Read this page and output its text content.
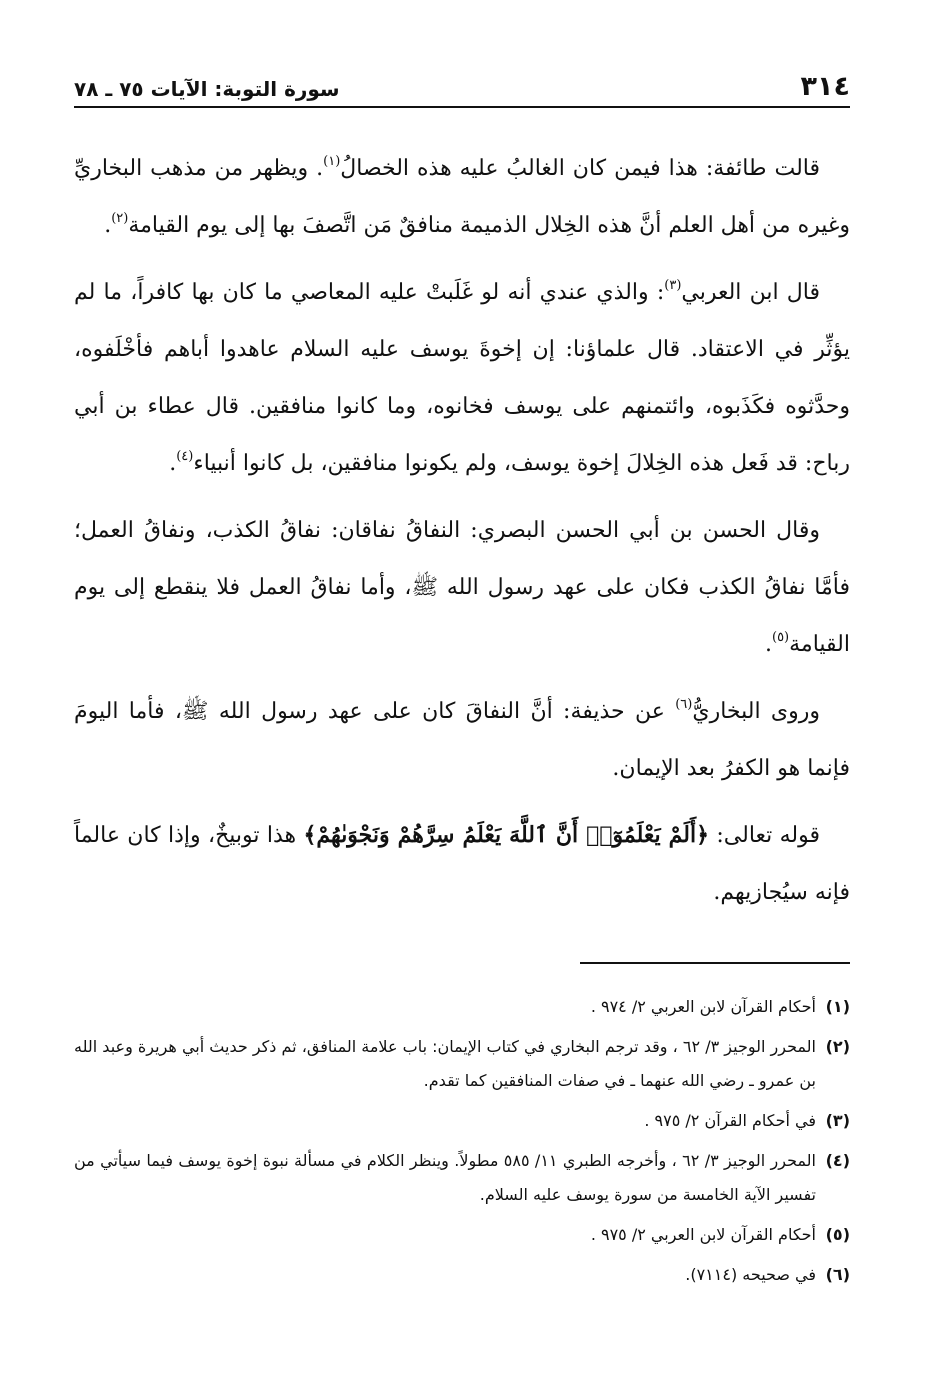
٣١٤
سورة التوبة: الآيات ٧٥ ـ ٧٨

قالت طائفة: هذا فيمن كان الغالبُ عليه هذه الخصالُ$^{(١)}$. ويظهر من مذهب البخاريِّ وغيره من أهل العلم أنَّ هذه الخِلال الذميمة منافقٌ مَن اتَّصفَ بها إلى يوم القيامة$^{(٢)}$.

قال ابن العربي$^{(٣)}$: والذي عندي أنه لو غَلَبتْ عليه المعاصي ما كان بها كافراً، ما لم يؤثِّر في الاعتقاد. قال علماؤنا: إن إخوةَ يوسف عليه السلام عاهدوا أباهم فأخْلَفوه، وحدَّثوه فكَذَبوه، وائتمنهم على يوسف فخانوه، وما كانوا منافقين. قال عطاء بن أبي رباح: قد فَعل هذه الخِلالَ إخوة يوسف، ولم يكونوا منافقين، بل كانوا أنبياء$^{(٤)}$.

وقال الحسن بن أبي الحسن البصري: النفاقُ نفاقان: نفاقُ الكذب، ونفاقُ العمل؛ فأمَّا نفاقُ الكذب فكان على عهد رسول الله ﷺ، وأما نفاقُ العمل فلا ينقطع إلى يوم القيامة$^{(٥)}$.

وروى البخاريُّ$^{(٦)}$ عن حذيفة: أنَّ النفاقَ كان على عهد رسول الله ﷺ، فأما اليومَ فإنما هو الكفرُ بعد الإيمان.

قوله تعالى: ﴿أَلَمْ يَعْلَمُوٓا۟ أَنَّ ٱللَّهَ يَعْلَمُ سِرَّهُمْ وَنَجْوَىٰهُمْ﴾ هذا توبيخٌ، وإذا كان عالماً فإنه سيُجازيهم.

(١)
أحكام القرآن لابن العربي ٢/ ٩٧٤ .
(٢)
المحرر الوجيز ٣/ ٦٢ ، وقد ترجم البخاري في كتاب الإيمان: باب علامة المنافق، ثم ذكر حديث أبي هريرة وعبد الله بن عمرو ـ رضي الله عنهما ـ في صفات المنافقين كما تقدم.
(٣)
في أحكام القرآن ٢/ ٩٧٥ .
(٤)
المحرر الوجيز ٣/ ٦٢ ، وأخرجه الطبري ١١/ ٥٨٥ مطولاً. وينظر الكلام في مسألة نبوة إخوة يوسف فيما سيأتي من تفسير الآية الخامسة من سورة يوسف عليه السلام.
(٥)
أحكام القرآن لابن العربي ٢/ ٩٧٥ .
(٦)
في صحيحه (٧١١٤).
